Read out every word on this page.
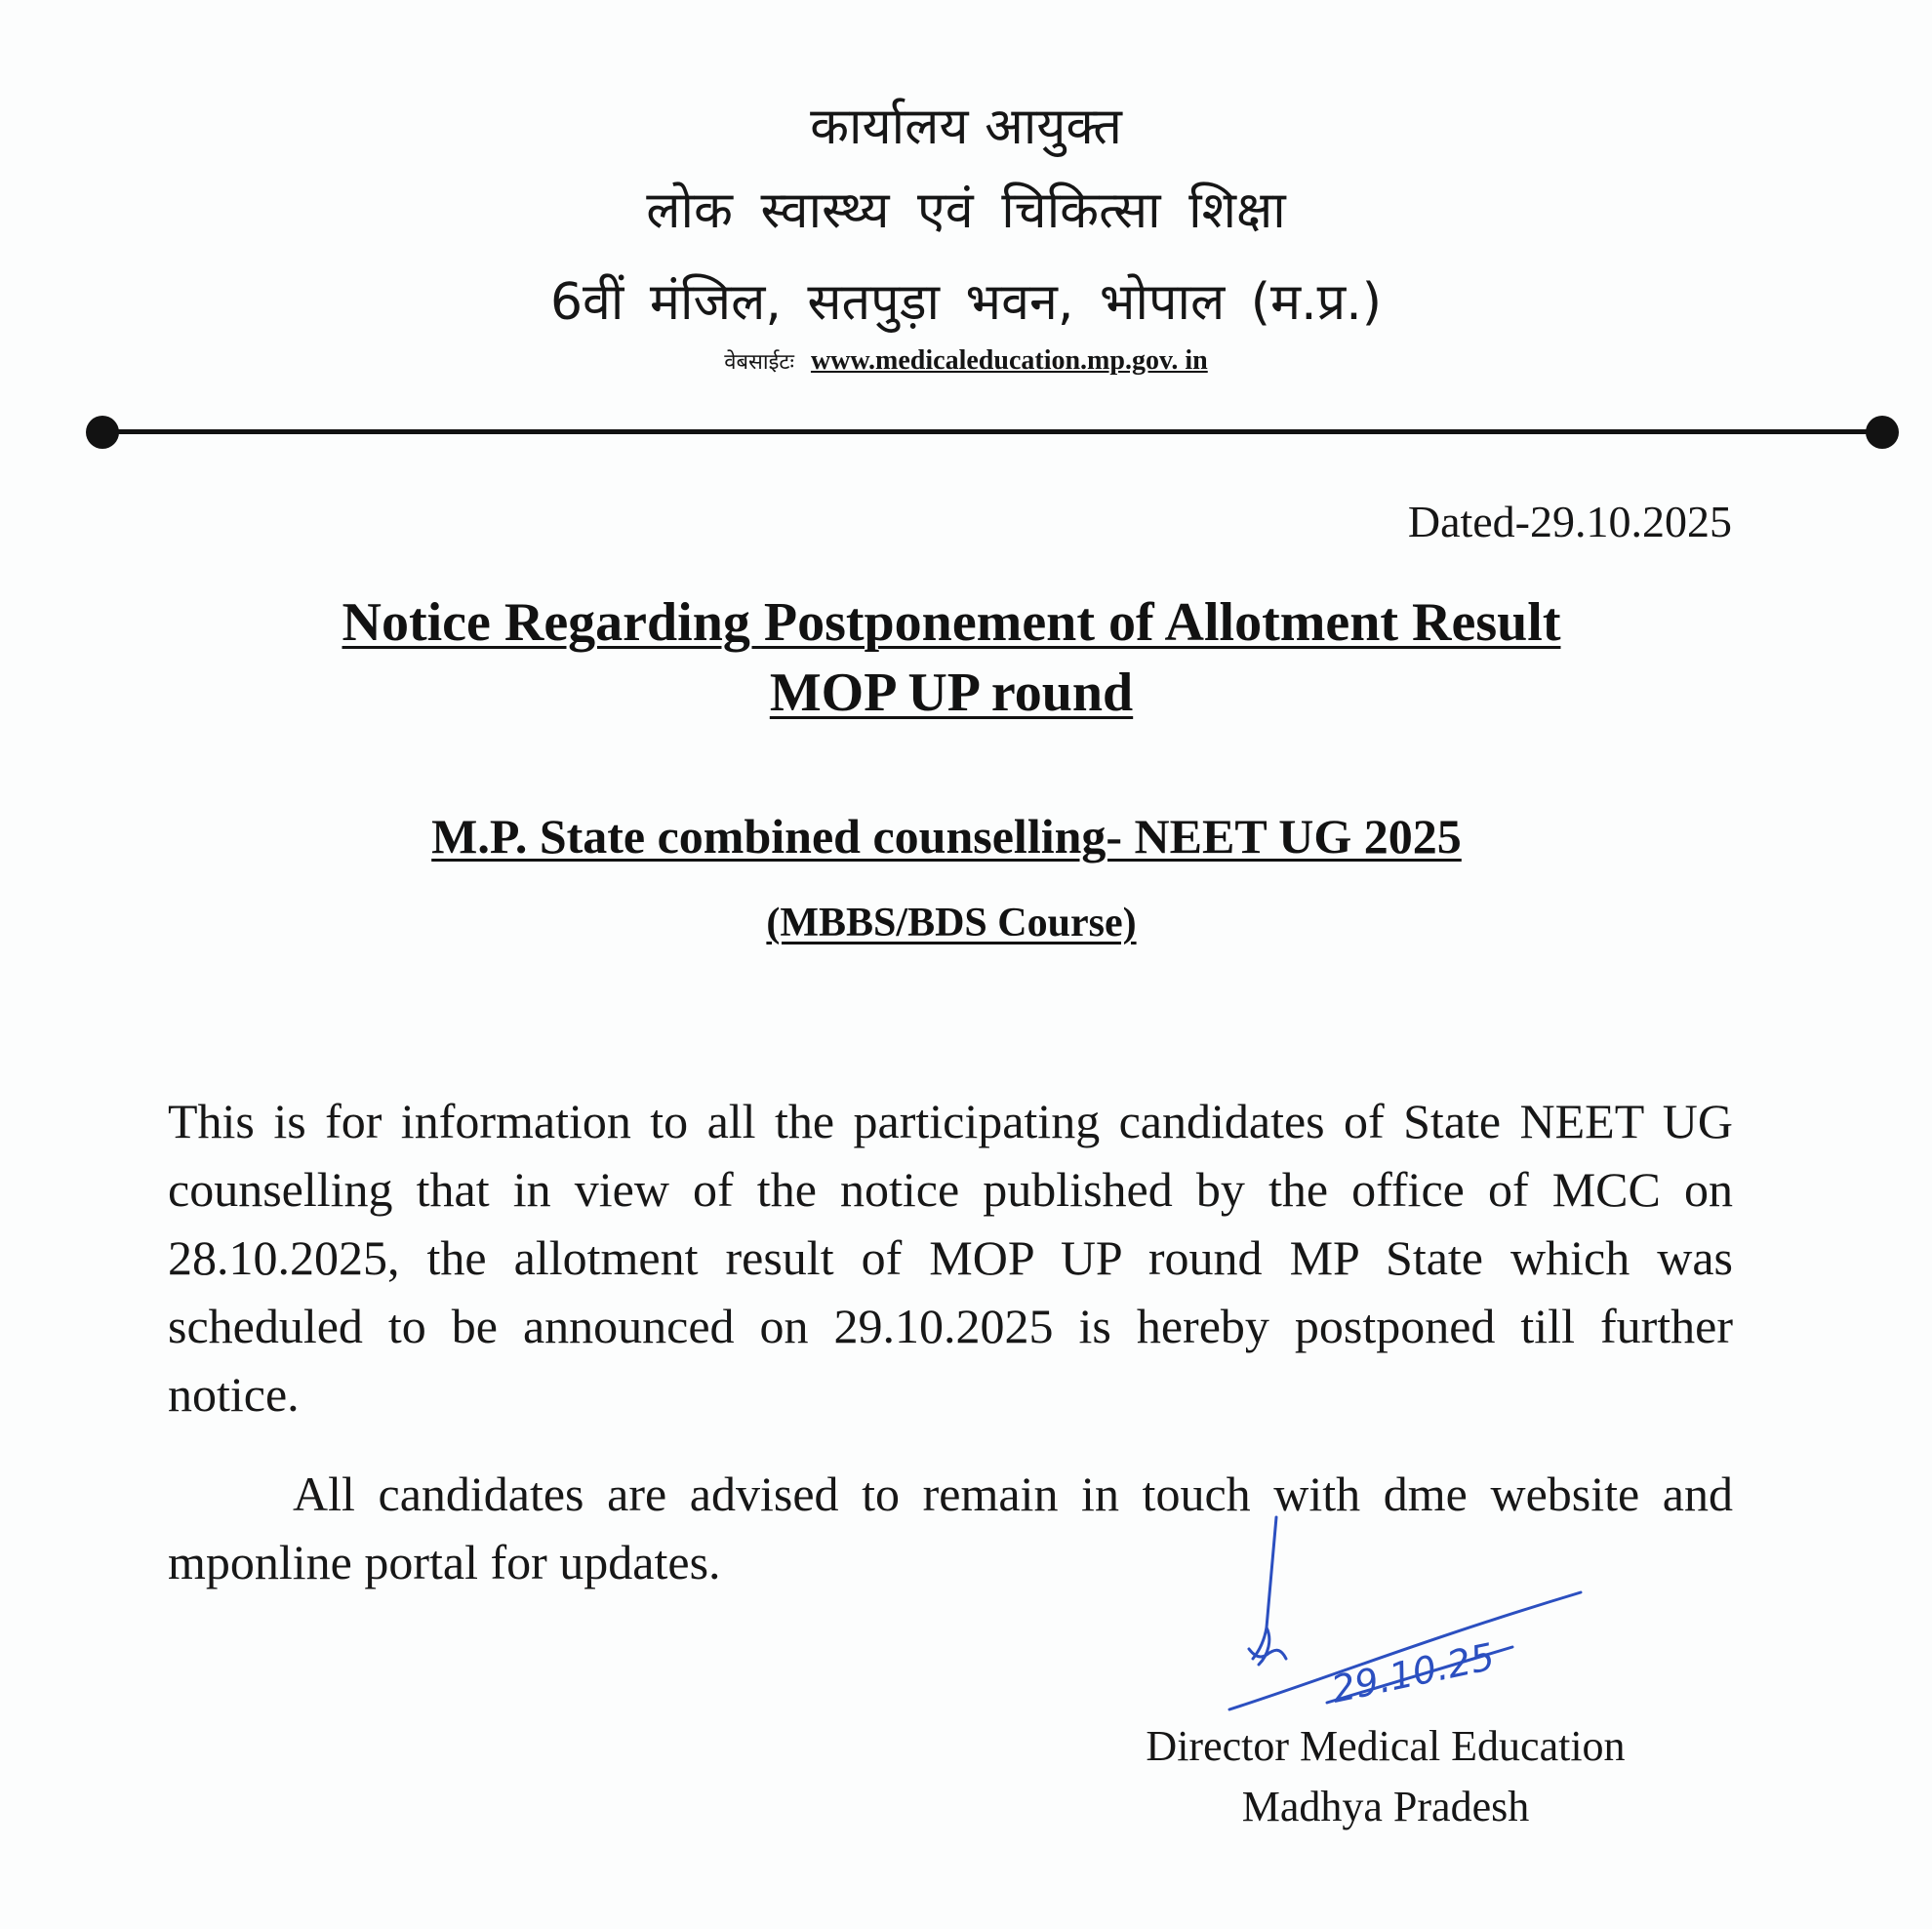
कार्यालय आयुक्त
लोक स्वास्थ्य एवं चिकित्सा शिक्षा
6वीं मंजिल, सतपुड़ा भवन, भोपाल (म.प्र.)
वेबसाईटः www.medicaleducation.mp.gov. in
Dated-29.10.2025
Notice Regarding Postponement of Allotment Result
MOP UP round
M.P. State combined counselling- NEET UG 2025
(MBBS/BDS Course)
This is for information to all the participating candidates of State NEET UG counselling that in view of the notice published by the office of MCC on 28.10.2025, the allotment result of MOP UP round MP State which was scheduled to be announced on 29.10.2025 is hereby postponed till further notice.
All candidates are advised to remain in touch with dme website and mponline portal for updates.
29.10.25
Director Medical Education
Madhya Pradesh
